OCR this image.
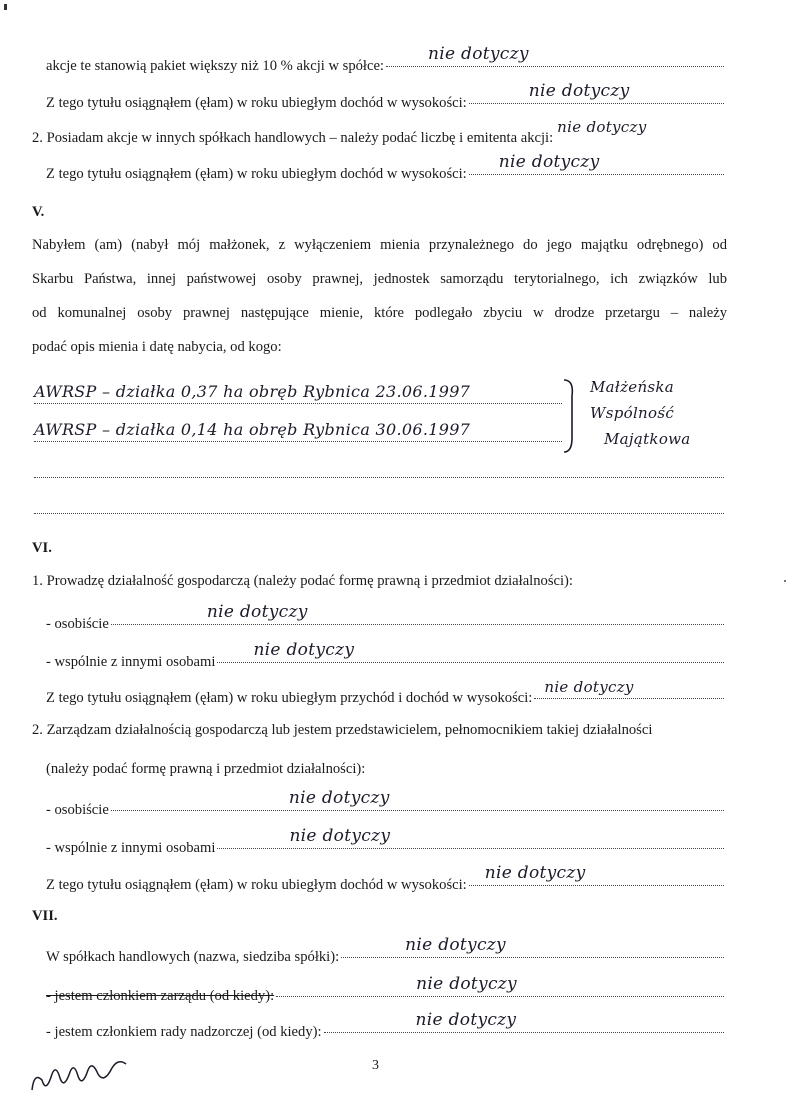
akcje te stanowią pakiet większy niż 10 % akcji w spółce:
nie dotyczy
Z tego tytułu osiągnąłem (ęłam) w roku ubiegłym dochód w wysokości:
nie dotyczy
2. Posiadam akcje w innych spółkach handlowych – należy podać liczbę i emitenta akcji:
nie dotyczy
Z tego tytułu osiągnąłem (ęłam) w roku ubiegłym dochód w wysokości:
nie dotyczy
V.
Nabyłem (am) (nabył mój małżonek, z wyłączeniem mienia przynależnego do jego majątku odrębnego) od
Skarbu Państwa, innej państwowej osoby prawnej, jednostek samorządu terytorialnego, ich związków lub
od komunalnej osoby prawnej następujące mienie, które podlegało zbyciu w drodze przetargu – należy
podać opis mienia i datę nabycia, od kogo:
AWRSP – działka 0,37 ha obręb Rybnica 23.06.1997
AWRSP – działka 0,14 ha obręb Rybnica 30.06.1997
Małżeńska
Wspólność
Majątkowa
VI.
1. Prowadzę działalność gospodarczą (należy podać formę prawną i przedmiot działalności):
- osobiście
nie dotyczy
- wspólnie z innymi osobami
nie dotyczy
Z tego tytułu osiągnąłem (ęłam) w roku ubiegłym przychód i dochód w wysokości:
nie dotyczy
2. Zarządzam działalnością gospodarczą lub jestem przedstawicielem, pełnomocnikiem takiej działalności
(należy podać formę prawną i przedmiot działalności):
- osobiście
nie dotyczy
- wspólnie z innymi osobami
nie dotyczy
Z tego tytułu osiągnąłem (ęłam) w roku ubiegłym dochód w wysokości:
nie dotyczy
VII.
W spółkach handlowych (nazwa, siedziba spółki):
nie dotyczy
- jestem członkiem zarządu (od kiedy):
nie dotyczy
- jestem członkiem rady nadzorczej (od kiedy):
nie dotyczy
3
